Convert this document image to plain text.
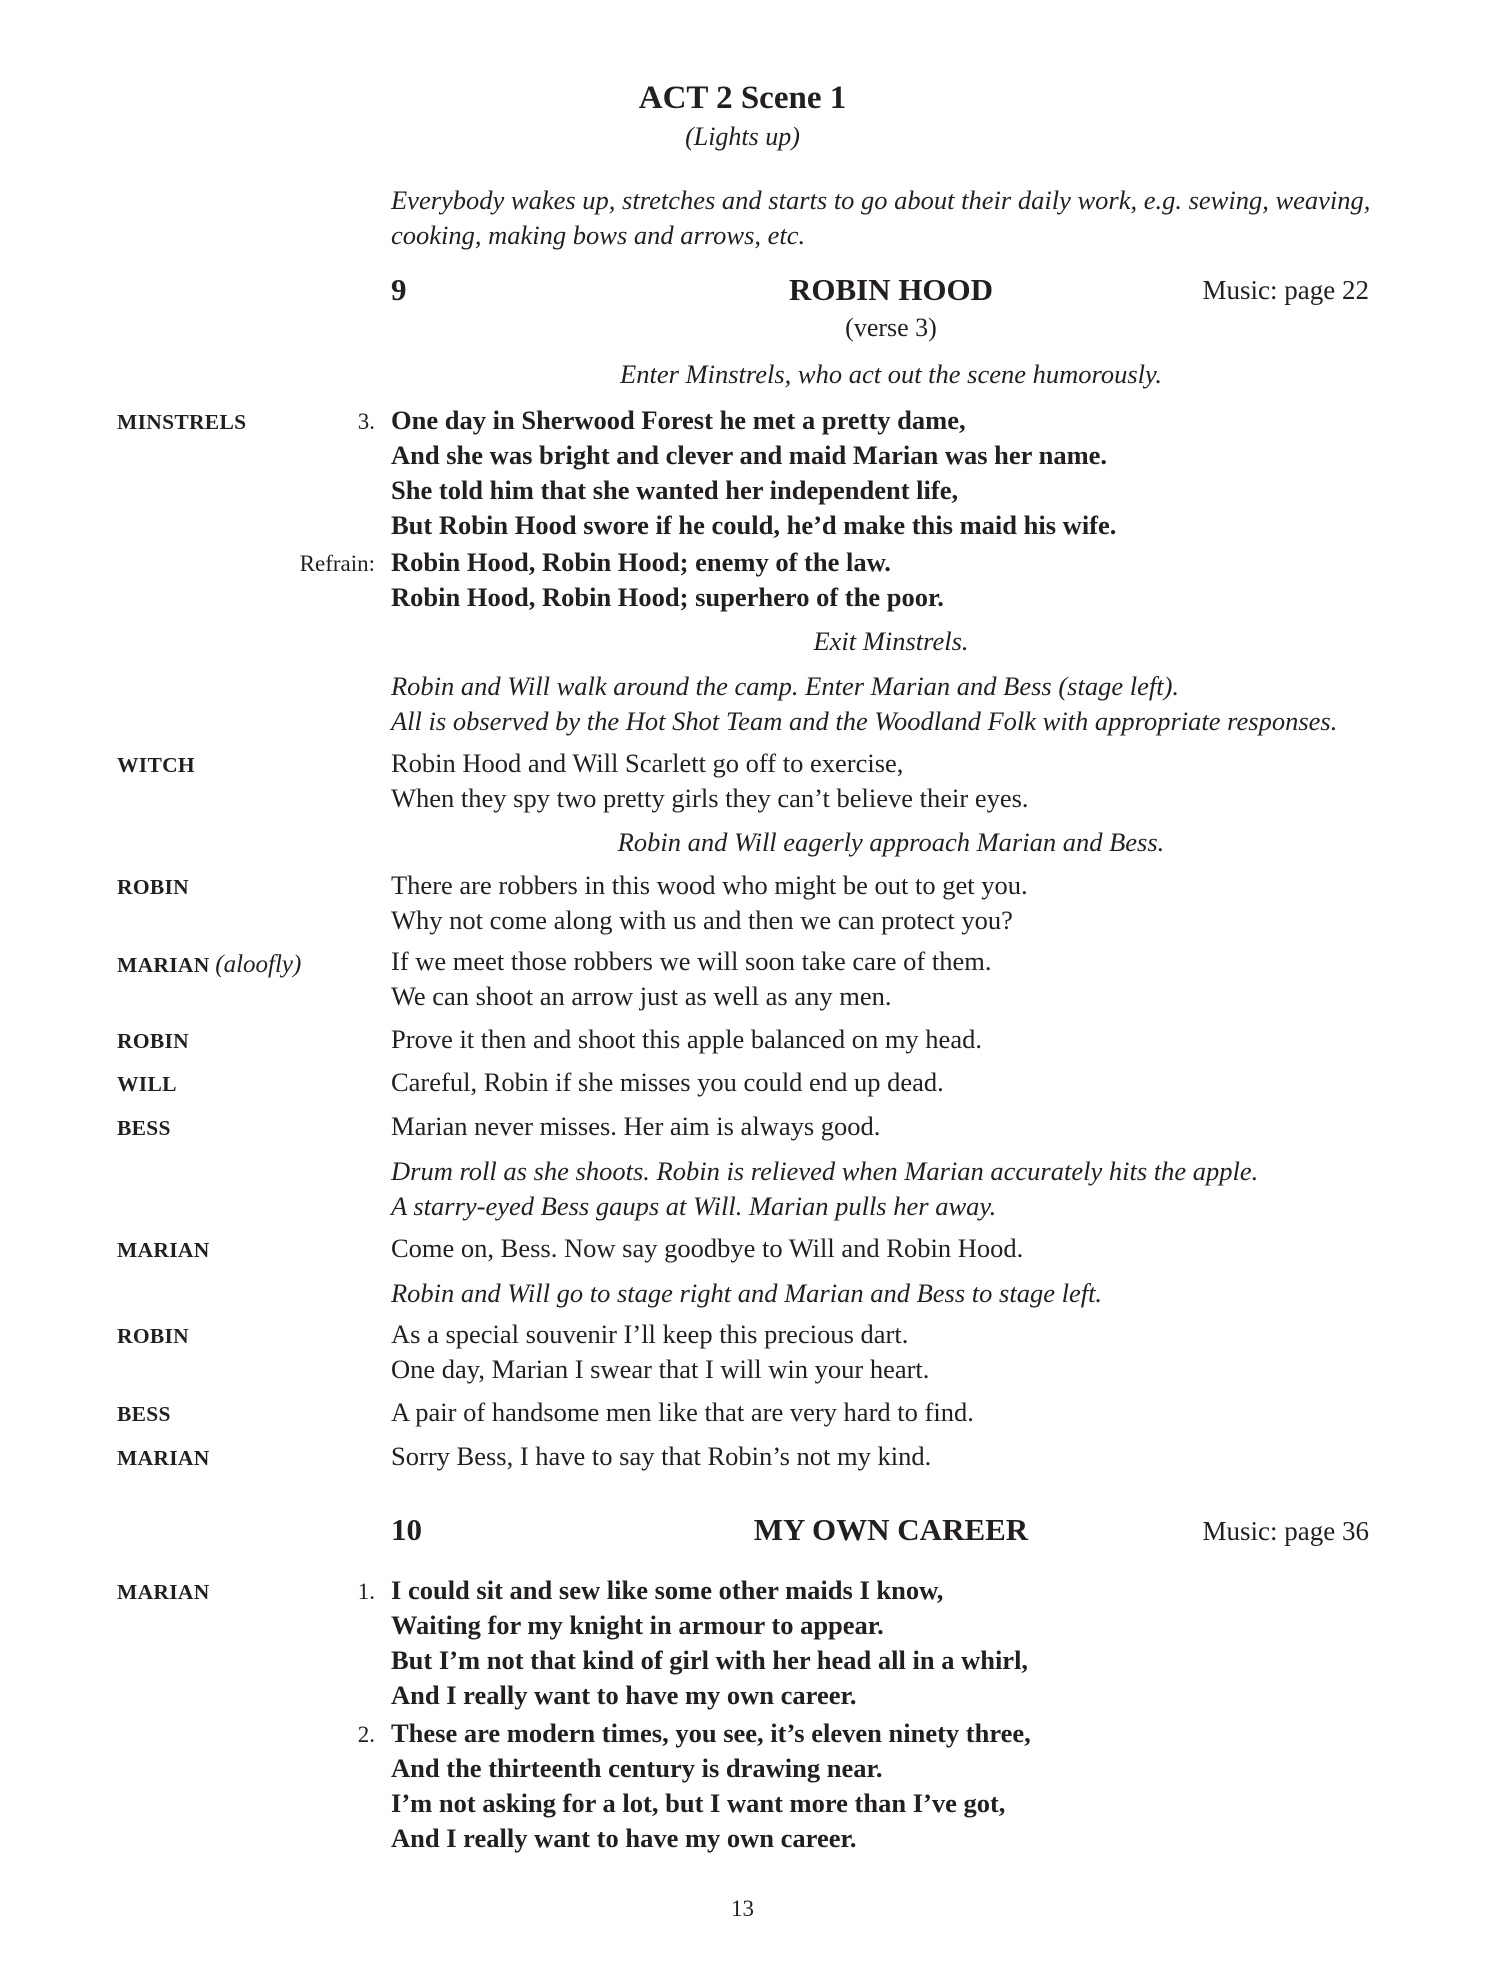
ACT 2 Scene 1
(Lights up)
Everybody wakes up, stretches and starts to go about their daily work, e.g. sewing, weaving,
cooking, making bows and arrows, etc.
9	ROBIN HOOD	Music: page 22
(verse 3)
Enter Minstrels, who act out the scene humorously.
MINSTRELS	3. One day in Sherwood Forest he met a pretty dame,
And she was bright and clever and maid Marian was her name.
She told him that she wanted her independent life,
But Robin Hood swore if he could, he’d make this maid his wife.
Refrain: Robin Hood, Robin Hood; enemy of the law.
Robin Hood, Robin Hood; superhero of the poor.
Exit Minstrels.
Robin and Will walk around the camp. Enter Marian and Bess (stage left).
All is observed by the Hot Shot Team and the Woodland Folk with appropriate responses.
WITCH	Robin Hood and Will Scarlett go off to exercise,
When they spy two pretty girls they can’t believe their eyes.
Robin and Will eagerly approach Marian and Bess.
ROBIN	There are robbers in this wood who might be out to get you.
Why not come along with us and then we can protect you?
MARIAN (aloofly)	If we meet those robbers we will soon take care of them.
We can shoot an arrow just as well as any men.
ROBIN	Prove it then and shoot this apple balanced on my head.
WILL	Careful, Robin if she misses you could end up dead.
BESS	Marian never misses. Her aim is always good.
Drum roll as she shoots. Robin is relieved when Marian accurately hits the apple.
A starry-eyed Bess gaups at Will. Marian pulls her away.
MARIAN	Come on, Bess. Now say goodbye to Will and Robin Hood.
Robin and Will go to stage right and Marian and Bess to stage left.
ROBIN	As a special souvenir I’ll keep this precious dart.
One day, Marian I swear that I will win your heart.
BESS	A pair of handsome men like that are very hard to find.
MARIAN	Sorry Bess, I have to say that Robin’s not my kind.
10	MY OWN CAREER	Music: page 36
MARIAN	1. I could sit and sew like some other maids I know,
Waiting for my knight in armour to appear.
But I’m not that kind of girl with her head all in a whirl,
And I really want to have my own career.
2. These are modern times, you see, it’s eleven ninety three,
And the thirteenth century is drawing near.
I’m not asking for a lot, but I want more than I’ve got,
And I really want to have my own career.
13
